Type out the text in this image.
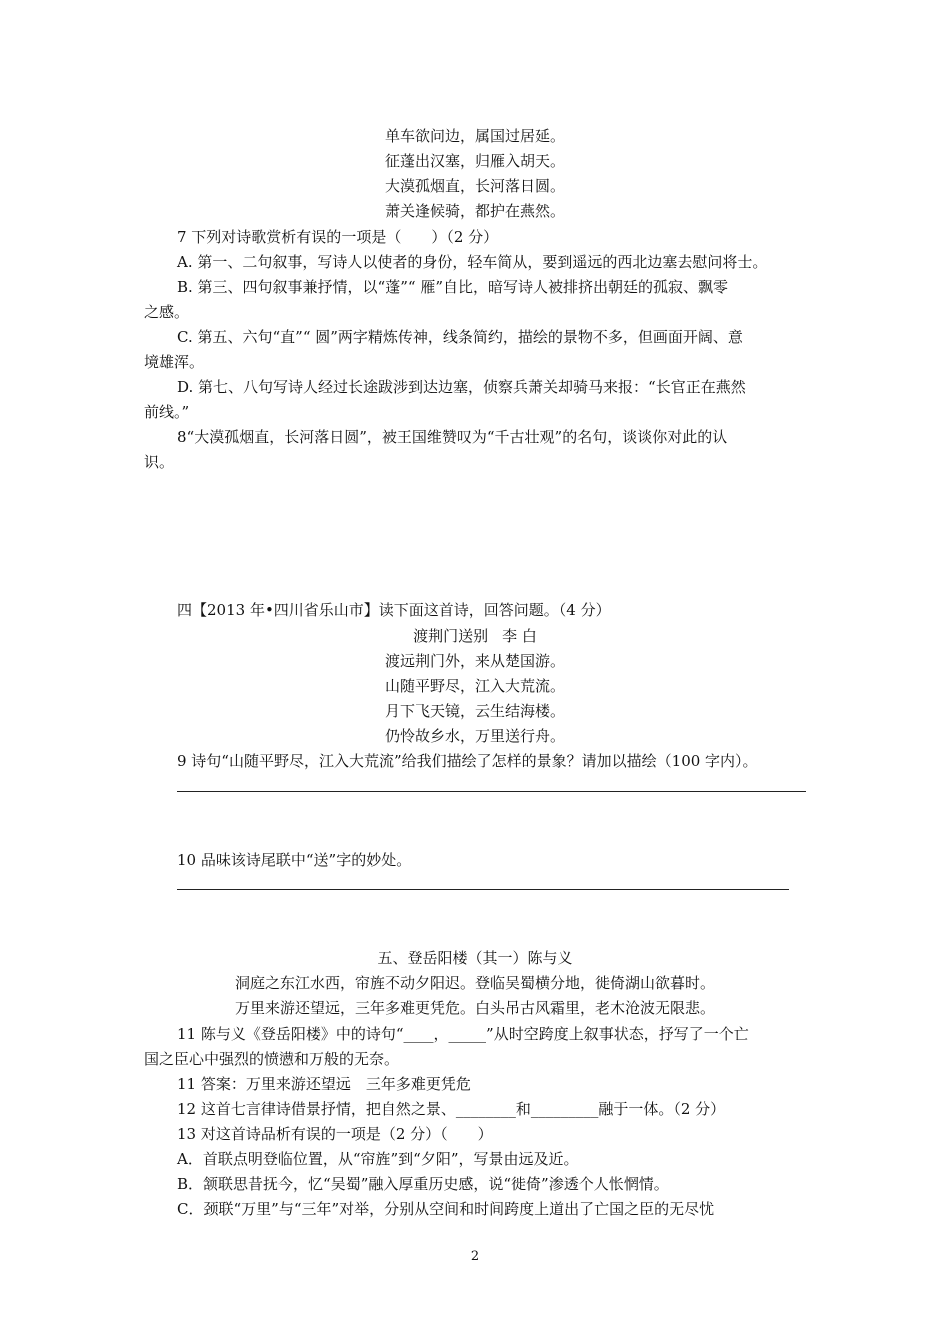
单车欲问边，属国过居延。
征蓬出汉塞，归雁入胡天。
大漠孤烟直，长河落日圆。
萧关逢候骑，都护在燕然。
7 下列对诗歌赏析有误的一项是（　　）（2 分）
A. 第一、二句叙事，写诗人以使者的身份，轻车简从，要到遥远的西北边塞去慰问将士。
B. 第三、四句叙事兼抒情，以“蓬”“ 雁”自比，暗写诗人被排挤出朝廷的孤寂、飘零
之感。
C. 第五、六句“直”“ 圆”两字精炼传神，线条简约，描绘的景物不多，但画面开阔、意
境雄浑。
D. 第七、八句写诗人经过长途跋涉到达边塞，侦察兵萧关却骑马来报：“长官正在燕然
前线。”
8“大漠孤烟直，长河落日圆”，被王国维赞叹为“千古壮观”的名句，谈谈你对此的认
识。
四【2013 年•四川省乐山市】读下面这首诗，回答问题。（4 分）
渡荆门送别 李 白
渡远荆门外，来从楚国游。
山随平野尽，江入大荒流。
月下飞天镜，云生结海楼。
仍怜故乡水，万里送行舟。
9 诗句“山随平野尽，江入大荒流”给我们描绘了怎样的景象？请加以描绘（100 字内）。
10 品味该诗尾联中“送”字的妙处。
五、登岳阳楼（其一）陈与义
洞庭之东江水西，帘旌不动夕阳迟。登临吴蜀横分地，徙倚湖山欲暮时。
万里来游还望远，三年多难更凭危。白头吊古风霜里，老木沧波无限悲。
11 陈与义《登岳阳楼》中的诗句“____，_____”从时空跨度上叙事状态，抒写了一个亡
国之臣心中强烈的愤懑和万般的无奈。
11 答案：万里来游还望远　三年多难更凭危
12 这首七言律诗借景抒情，把自然之景、________和_________融于一体。（2 分）
13 对这首诗品析有误的一项是（2 分）（　　）
A．首联点明登临位置，从“帘旌”到“夕阳”，写景由远及近。
B．颔联思昔抚今，忆“吴蜀”融入厚重历史感，说“徙倚”渗透个人怅惘情。
C．颈联“万里”与“三年”对举，分别从空间和时间跨度上道出了亡国之臣的无尽忧
2
